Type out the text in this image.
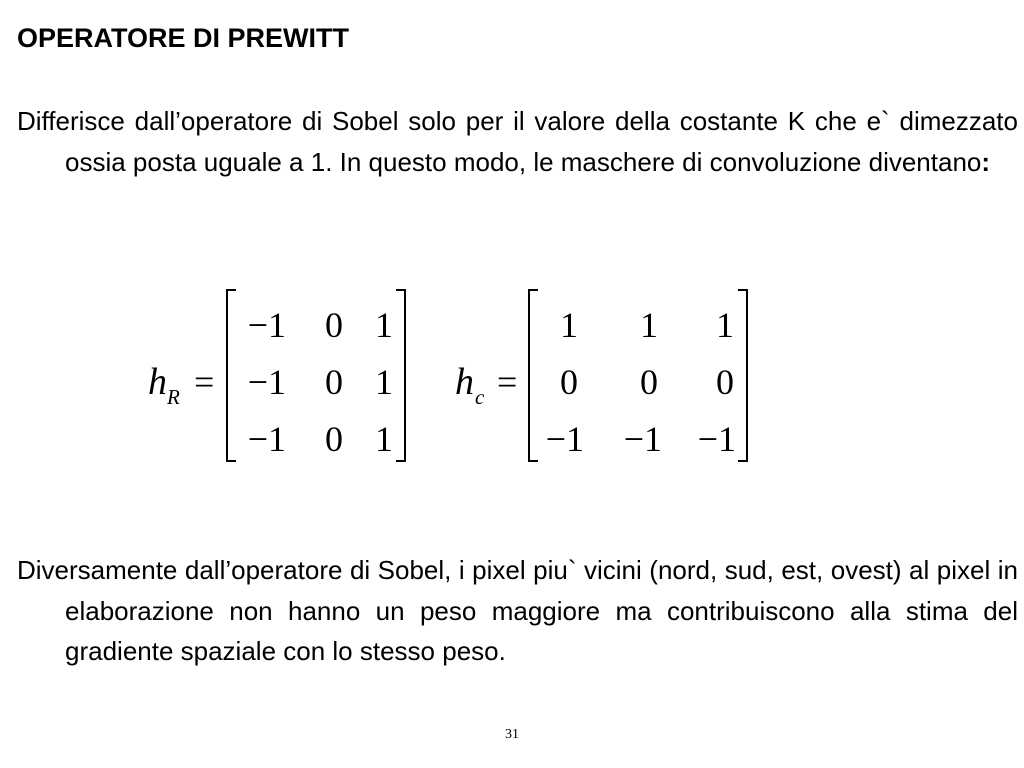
OPERATORE DI PREWITT

Differisce dall’operatore di Sobel solo per il valore della costante K che e` dimezzato ossia posta uguale a 1. In questo modo, le maschere di convoluzione diventano:

h R =
−1	0 1
−1	0 1
−1	0 1
h c =
1	1	1
0	0	0
−1	−1 −1

Diversamente dall’operatore di Sobel, i pixel piu` vicini (nord, sud, est, ovest) al pixel in elaborazione non hanno un peso maggiore ma contribuiscono alla stima del gradiente spaziale con lo stesso peso.

31
